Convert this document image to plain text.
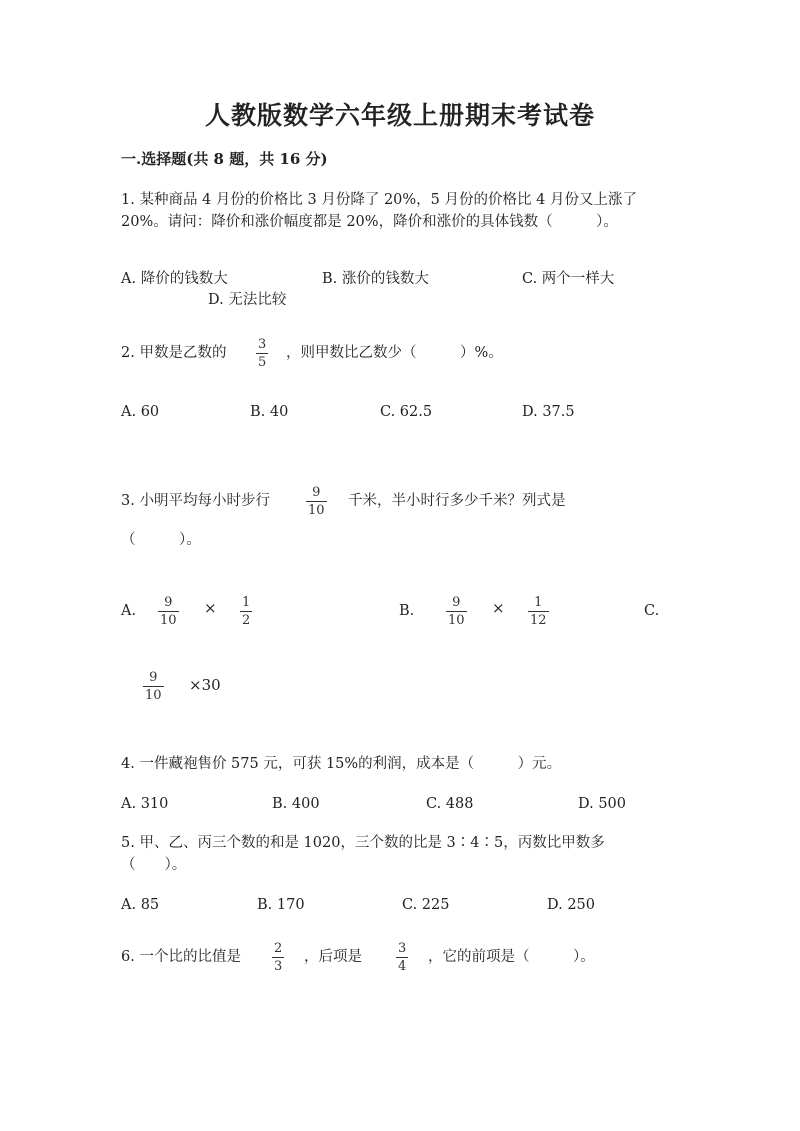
人教版数学六年级上册期末考试卷
一.选择题(共 8 题，共 16 分)
1. 某种商品 4 月份的价格比 3 月份降了 20%，5 月份的价格比 4 月份又上涨了
20%。请问：降价和涨价幅度都是 20%，降价和涨价的具体钱数（　　　）。
A. 降价的钱数大	B. 涨价的钱数大	C. 两个一样大
D. 无法比较
2. 甲数是乙数的
3
5
，则甲数比乙数少（　　　）%。
A. 60	B. 40	C. 62.5	D. 37.5
3. 小明平均每小时步行
9
10
千米，半小时行多少千米？列式是
（　　　）。
A.
9
10
× 1
2
B.
9
10
× 1
12
C.
9
10
×30
4. 一件藏袍售价 575 元，可获 15%的利润，成本是（　　　）元。
A. 310	B. 400	C. 488	D. 500
5. 甲、乙、丙三个数的和是 1020，三个数的比是 3∶4∶5，丙数比甲数多
（　　）。
A. 85	B. 170	C. 225	D. 250
6. 一个比的比值是
2
3
，后项是
3
4
，它的前项是（　　　）。
